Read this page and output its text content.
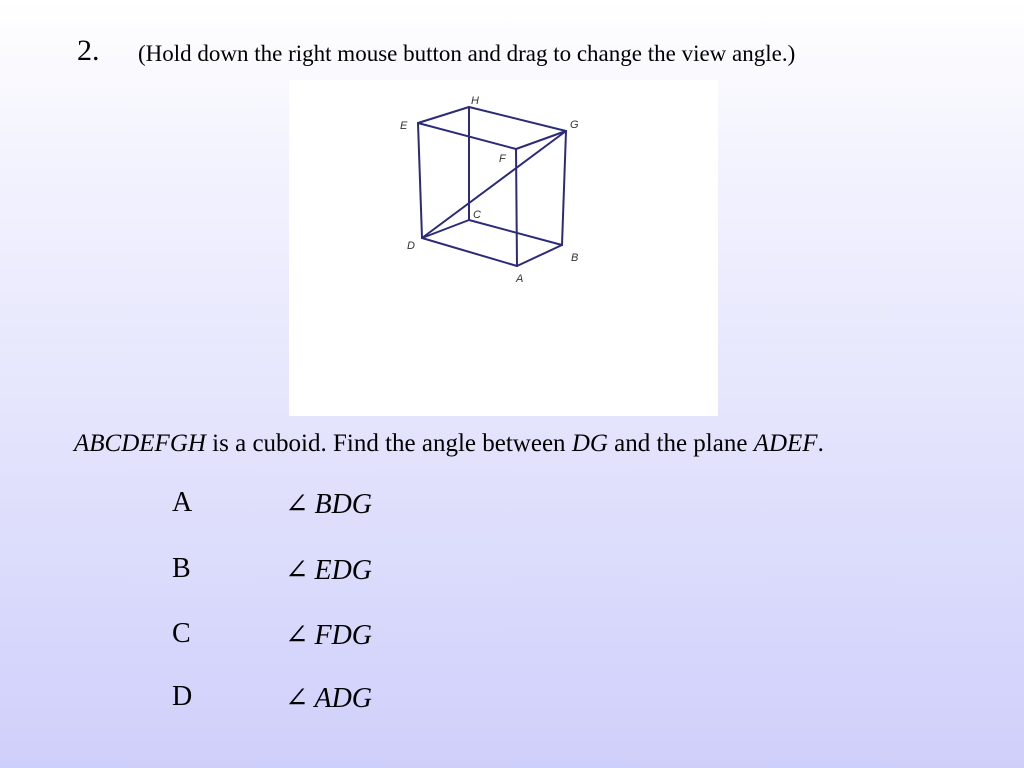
2. (Hold down the right mouse button and drag to change the view angle.)
H
E	G
F
C
D
B
A
ABCDEFGH is a cuboid. Find the angle between DG and the plane ADEF.
A	∠ BDG
B	∠ EDG
C	∠ FDG
D	∠ ADG
